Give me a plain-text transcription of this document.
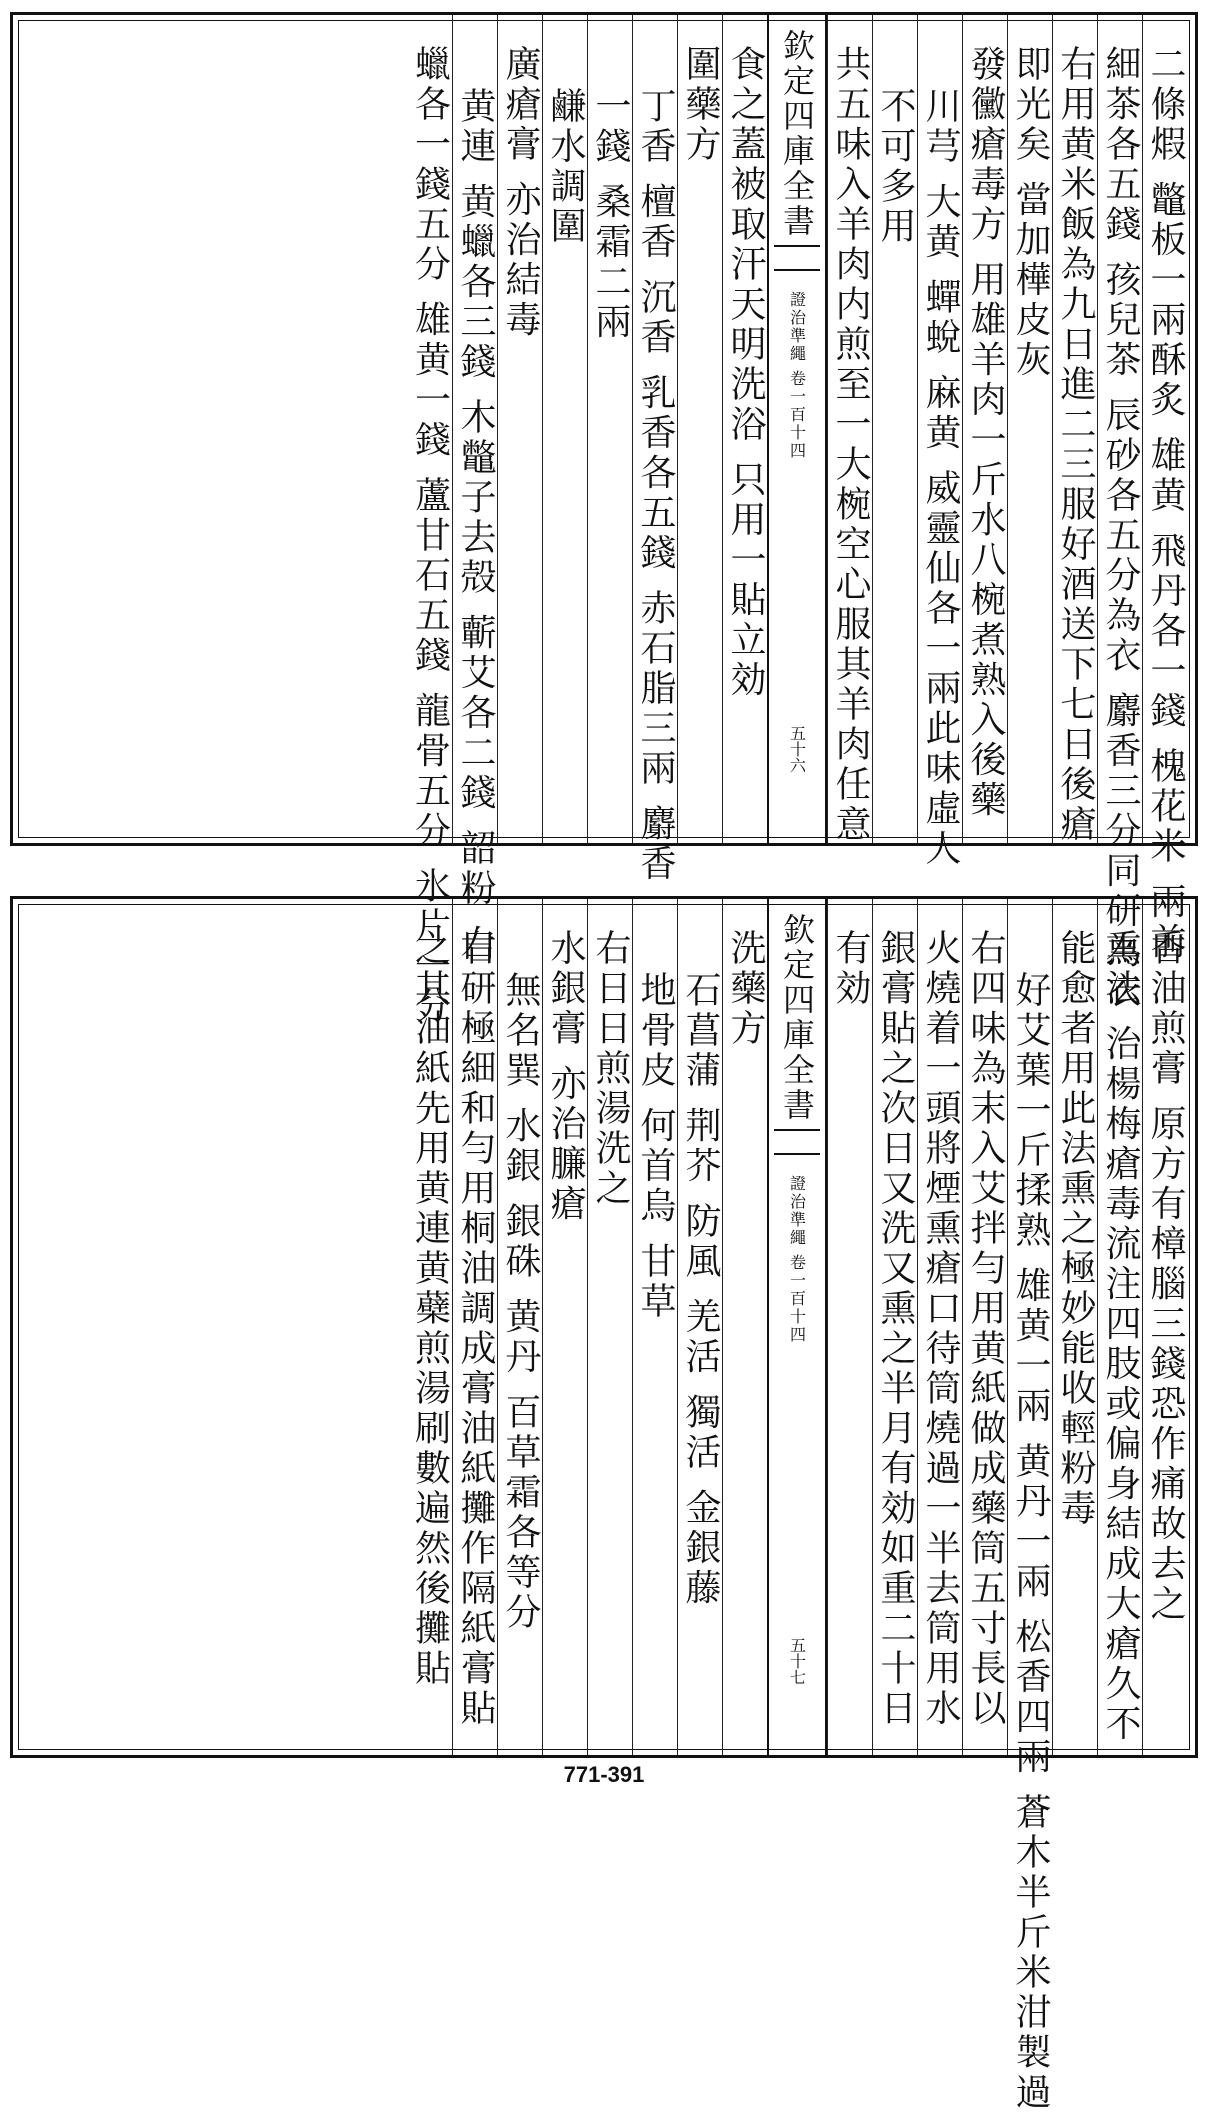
二條煆 鼈板一兩酥炙 雄黄 飛丹各一錢 槐花米 兩前
細茶各五錢 孩兒茶 辰砂各五分為衣 麝香三分同研為衣
右用黄米飯為九日進二三服好酒送下七日後瘡
即光矣 當加樺皮灰
發黴瘡毒方 用雄羊肉一斤水八椀煮熟入後藥
川芎 大黄 蟬蛻 麻黄 威靈仙各一兩此味虛人
不可多用
共五味入羊肉内煎至一大椀空心服其羊肉任意
欽定四庫全書
證治準繩 卷一百十四
五十六
食之蓋被取汗天明洗浴 只用一貼立効
圍藥方
丁香 檀香 沉香 乳香各五錢 赤石脂三兩 麝香
一錢 桑霜二兩
鹻水調圍
廣瘡膏 亦治結毒
黄連 黄蠟各三錢 木鼈子去殻 蘄艾各二錢 韶粉 白
蠟各一錢五分 雄黄一錢 蘆甘石五錢 龍骨五分 氷片一分
香油煎膏 原方有樟腦三錢恐作痛故去之
熏法 治楊梅瘡毒流注四肢或偏身結成大瘡久不
能愈者用此法熏之極妙能收輕粉毒
好艾葉一斤揉熟 雄黄一兩 黄丹一兩 松香四兩 蒼木半斤米泔製過
右四味為末入艾拌勻用黄紙做成藥筒五寸長以
火燒着一頭將煙熏瘡口待筒燒過一半去筒用水
銀膏貼之次日又洗又熏之半月有効如重二十日
有効
欽定四庫全書
證治準繩 卷一百十四
五十七
洗藥方
石菖蒲 荆芥 防風 羌活 獨活 金銀藤
地骨皮 何首烏 甘草
右日日煎湯洗之
水銀膏 亦治臁瘡
無名巽 水銀 銀硃 黄丹 百草霜各等分
右研極細和勻用桐油調成膏油紙攤作隔紙膏貼
之其油紙先用黄連黄蘗煎湯刷數遍然後攤貼
771-391
